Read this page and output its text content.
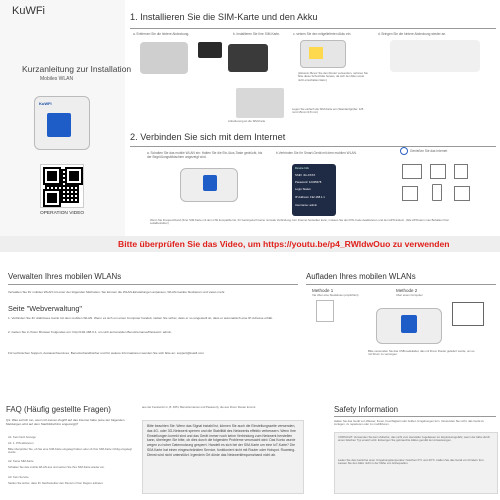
KuWFi
Kurzanleitung zur Installation
Mobiles WLAN
KuWFi
OPERATION VIDEO
1. Installieren Sie die SIM-Karte und den Akku
a. Entfernen Sie die hintere Abdeckung.	b. Installieren Sie Ihre SIM-Karte.	c. setzen Sie den mitgelieferten Akku ein.	d. Bringen Sie die hintere Abdeckung wieder an.
(Hinweis: Bevor Sie den Router verwenden, nehmen Sie bitte diese Schutzfolie heraus, da sich der Akku sonst nicht einschalten lässt.)
Anforderung an die SIM-Karte
Legen Sie einfach die SIM-Karte ein (Standardgröße: 125 mm×15mm×0.8 mm)
2. Verbinden Sie sich mit dem Internet
a. Schalten Sie das mobile WLAN ein: Halten Sie die Ein-/Aus-Taste gedrückt, bis der Begrüßungsbildschirm angezeigt wird.
b.Verbinden Sie Ihr Smart-Gerät mit dem mobilen WLAN.	Genießen Sie das Internet
Device Info
SSID: 4G-XXXX
Password: 12345678
Login Status:
IP Address: 192.168.1.1
Username: admin
Wenn Sie Frequenzband (Ihrer SIM-Karte mit dem LTE kompatibel ist, Ihr Gerät jedoch keine normale Verbindung zum Internet herstellen kann, müssen Sie den PIN-Code deaktivieren und den APN ändern. (Alle APN kann man Behalten Ihrer Lokalbetreiber)
Bitte überprüfen Sie das Video, um https://youtu.be/p4_RWIdwOuo zu verwenden
Verwalten Ihres mobilen WLANs
Verwalten Sie Ihr mobiles WLAN mit einer der folgenden Methoden. Sie können die WLAN-Einstellungen anpassen, WLAN-Geräte blockieren und vieles mehr.
Seite "Webverwaltung"
1. Verbinden Sie Ihr drahtloses Gerät mit dem mobilen WLAN. Wenn es sich um einen Computer handelt, stellen Sie sicher, dass er so eingestellt ist, dass er automatisch eine IP-Adresse erhält.
2. Geben Sie in Ihrem Browser Folgendes ein: http://192.168.0.1, um sich anzumelden Benutzername/Passwort: admin,
Für technischen Support, Austauschservices, Benutzerhandbücher und für weitere Informationen wenden Sie sich bitte an: support@kuwfi.com
Aufladen Ihres mobilen WLANs
Methode 1
Via Uber eine Steckdose (empfohlen)
Methode 2
Uber einen Computer
Bitte verwenden Sie das USB-Ladekabel, das mit Ihrem Router geliefert wurde, um es mit Strom zu versorgen.
FAQ (Häufig gestellte Fragen)
Q1: Was soll ich tun, wenn ich keinen Zugriff auf das Internet habe (eine der folgenden Meldungen wird auf dem Startbildschirm angezeigt)?
A1: Kein Netz Anzeige
A1: 1. PIN aktivieren
Bitte überprüfen Sie, ob Sie eine SIM-Karte eingelegt haben oder ob Ihre SIM-Karte richtig eingelegt wurde.
A2: Keine SIM-Karte
Schalten Sie das mobile WLAN aus und setzen Sie Ihre SIM-Karte wieder ein.
A3: Kein Service
Stellen Sie sicher, dass Ihr Netzbetreiber den Dienst in Ihrer Region anbietet.
aus der Fenstertür in, B. KPN, Benutzernamen und Passwort), die aus Ihrem Router kommt.
Bitte beachten Sie: Wenn das Signal instabil ist, können Sie auch die Einstellungsseite verwenden, das 4G- oder 3G-Netzwerk sperren und die Stabilität des Netzwerks effektiv verbessern. Wenn Ihre Einstellungen korrekt sind und das Gerät immer noch keine Verbindung zum Netzwerk herstellen kann, überlegen Sie bitte, ob dies durch die folgenden Probleme verursacht wird: Das Konto wurde wegen zu hoher Datennutzung gesperrt. Handelt es sich bei der SIM-Karte um eine IoT-Karte? Die SIM-Karte hat einen eingeschränkten Service, funktioniert nicht mit Router oder Hotspot. Roaming-Dienst wird nicht unterstützt. Irgendein Ort dürde das Netzwerkfrequenzband nicht ab.
Safety Information
Halten Sie das Gerät von Wasser, Feuer, Feuchtigkeit oder heißen Umgebungen fern. Verwenden Sie nicht, das Gerät zu zerlegen, zu reparieren oder zu modifizieren.
VORSICHT: Verwenden Sie kein Zubehör, das nicht vom Hersteller zugelassen ist. Explosionsgefahr, wenn der Akku durch einen falschen Typ ersetzt wird. Entsorgen Sie gebrauchte Akkus gemäß den Anweisungen.
Laden Sie das Gerät bei einer Umgebungstemperatur zwischen 0°C und 40°C. Halten Sie das Gerät von Kindern fern. Lassen Sie den Akku nicht in der Nähe von Hitzequellen.
